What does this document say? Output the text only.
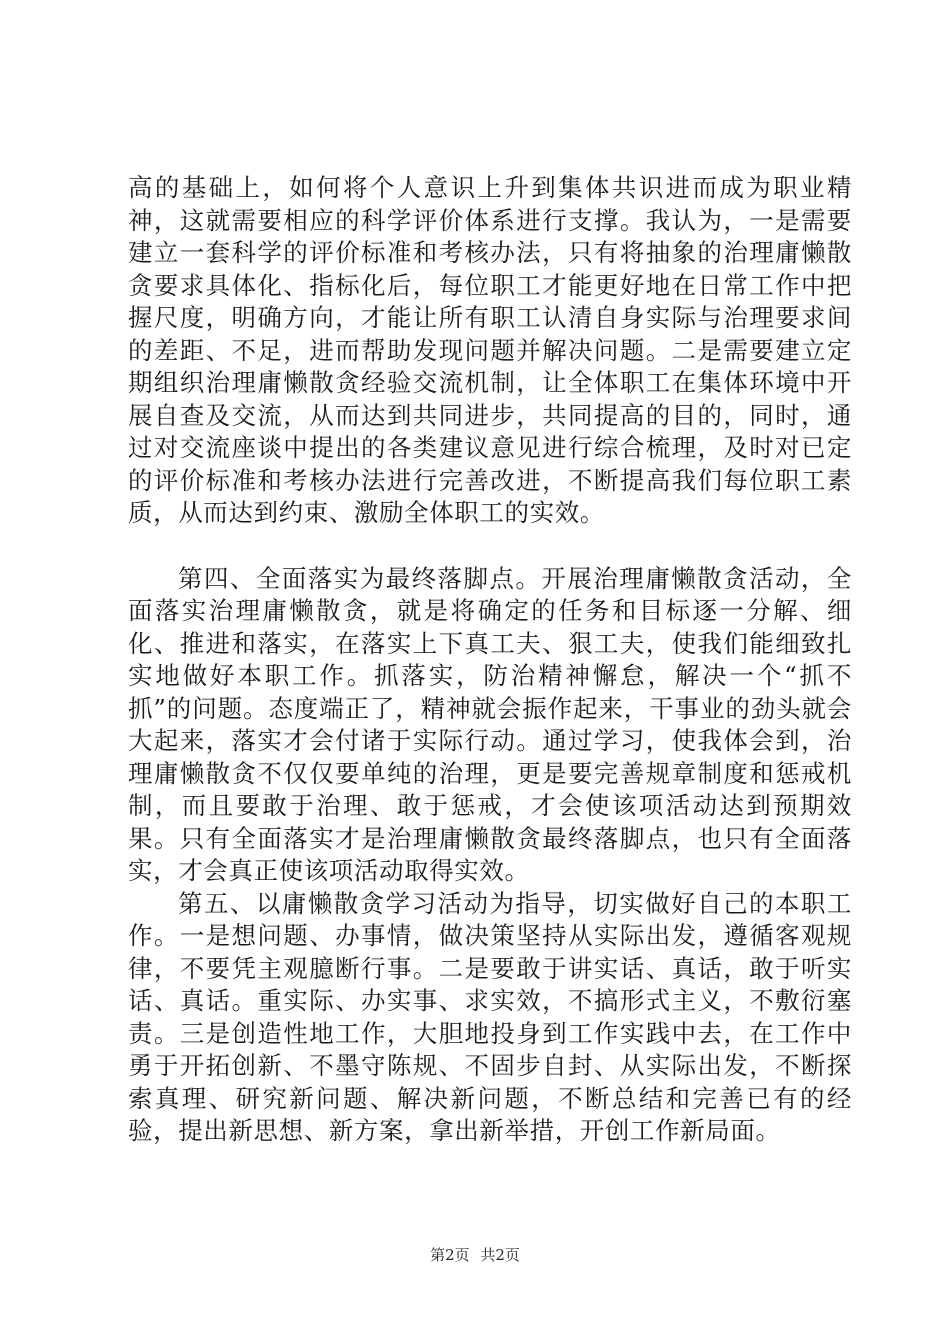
高的基础上，如何将个人意识上升到集体共识进而成为职业精神，这就需要相应的科学评价体系进行支撑。我认为，一是需要建立一套科学的评价标准和考核办法，只有将抽象的治理庸懒散贪要求具体化、指标化后，每位职工才能更好地在日常工作中把握尺度，明确方向，才能让所有职工认清自身实际与治理要求间的差距、不足，进而帮助发现问题并解决问题。二是需要建立定期组织治理庸懒散贪经验交流机制，让全体职工在集体环境中开展自查及交流，从而达到共同进步，共同提高的目的，同时，通过对交流座谈中提出的各类建议意见进行综合梳理，及时对已定的评价标准和考核办法进行完善改进，不断提高我们每位职工素质，从而达到约束、激励全体职工的实效。

第四、全面落实为最终落脚点。开展治理庸懒散贪活动，全面落实治理庸懒散贪，就是将确定的任务和目标逐一分解、细化、推进和落实，在落实上下真工夫、狠工夫，使我们能细致扎实地做好本职工作。抓落实，防治精神懈怠，解决一个“抓不抓”的问题。态度端正了，精神就会振作起来，干事业的劲头就会大起来，落实才会付诸于实际行动。通过学习，使我体会到，治理庸懒散贪不仅仅要单纯的治理，更是要完善规章制度和惩戒机制，而且要敢于治理、敢于惩戒，才会使该项活动达到预期效果。只有全面落实才是治理庸懒散贪最终落脚点，也只有全面落实，才会真正使该项活动取得实效。

第五、以庸懒散贪学习活动为指导，切实做好自己的本职工作。一是想问题、办事情，做决策坚持从实际出发，遵循客观规律，不要凭主观臆断行事。二是要敢于讲实话、真话，敢于听实话、真话。重实际、办实事、求实效，不搞形式主义，不敷衍塞责。三是创造性地工作，大胆地投身到工作实践中去，在工作中勇于开拓创新、不墨守陈规、不固步自封、从实际出发，不断探索真理、研究新问题、解决新问题，不断总结和完善已有的经验，提出新思想、新方案，拿出新举措，开创工作新局面。

第2页 共2页
